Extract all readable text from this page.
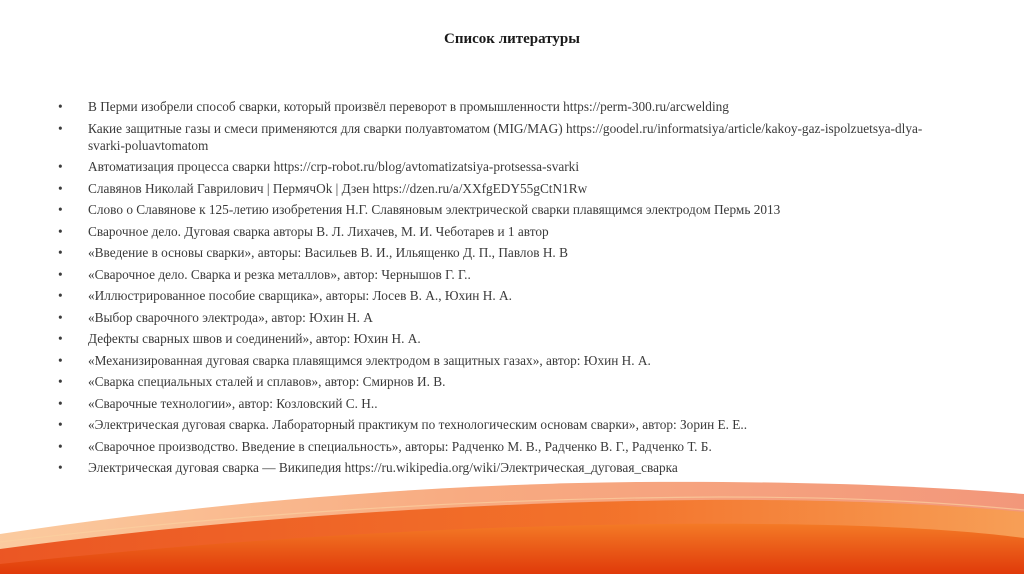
Список литературы
•	В Перми изобрели способ сварки, который произвёл переворот в промышленности https://perm-300.ru/arcwelding
•	Какие защитные газы и смеси применяются для сварки полуавтоматом (MIG/MAG) https://goodel.ru/informatsiya/article/kakoy-gaz-ispolzuetsya-dlya-svarki-poluavtomatom
•	Автоматизация процесса сварки https://crp-robot.ru/blog/avtomatizatsiya-protsessa-svarki
•	Славянов Николай Гаврилович | ПермячOk | Дзен https://dzen.ru/a/XXfgEDY55gCtN1Rw
•	Слово о Славянове к 125-летию изобретения Н.Г. Славяновым электрической сварки плавящимся электродом Пермь 2013
•	Сварочное дело. Дуговая сварка авторы В. Л. Лихачев, М. И. Чеботарев и 1 автор
•	«Введение в основы сварки», авторы: Васильев В. И., Ильященко Д. П., Павлов Н. В
•	«Сварочное дело. Сварка и резка металлов», автор: Чернышов Г. Г..
•	«Иллюстрированное пособие сварщика», авторы: Лосев В. А., Юхин Н. А.
•	«Выбор сварочного электрода», автор: Юхин Н. А
•	Дефекты сварных швов и соединений», автор: Юхин Н. А.
•	«Механизированная дуговая сварка плавящимся электродом в защитных газах», автор: Юхин Н. А.
•	«Сварка специальных сталей и сплавов», автор: Смирнов И. В.
•	«Сварочные технологии», автор: Козловский С. Н..
•	«Электрическая дуговая сварка. Лабораторный практикум по технологическим основам сварки», автор: Зорин Е. Е..
•	«Сварочное производство. Введение в специальность», авторы: Радченко М. В., Радченко В. Г., Радченко Т. Б.
•	Электрическая дуговая сварка — Википедия https://ru.wikipedia.org/wiki/Электрическая_дуговая_сварка
